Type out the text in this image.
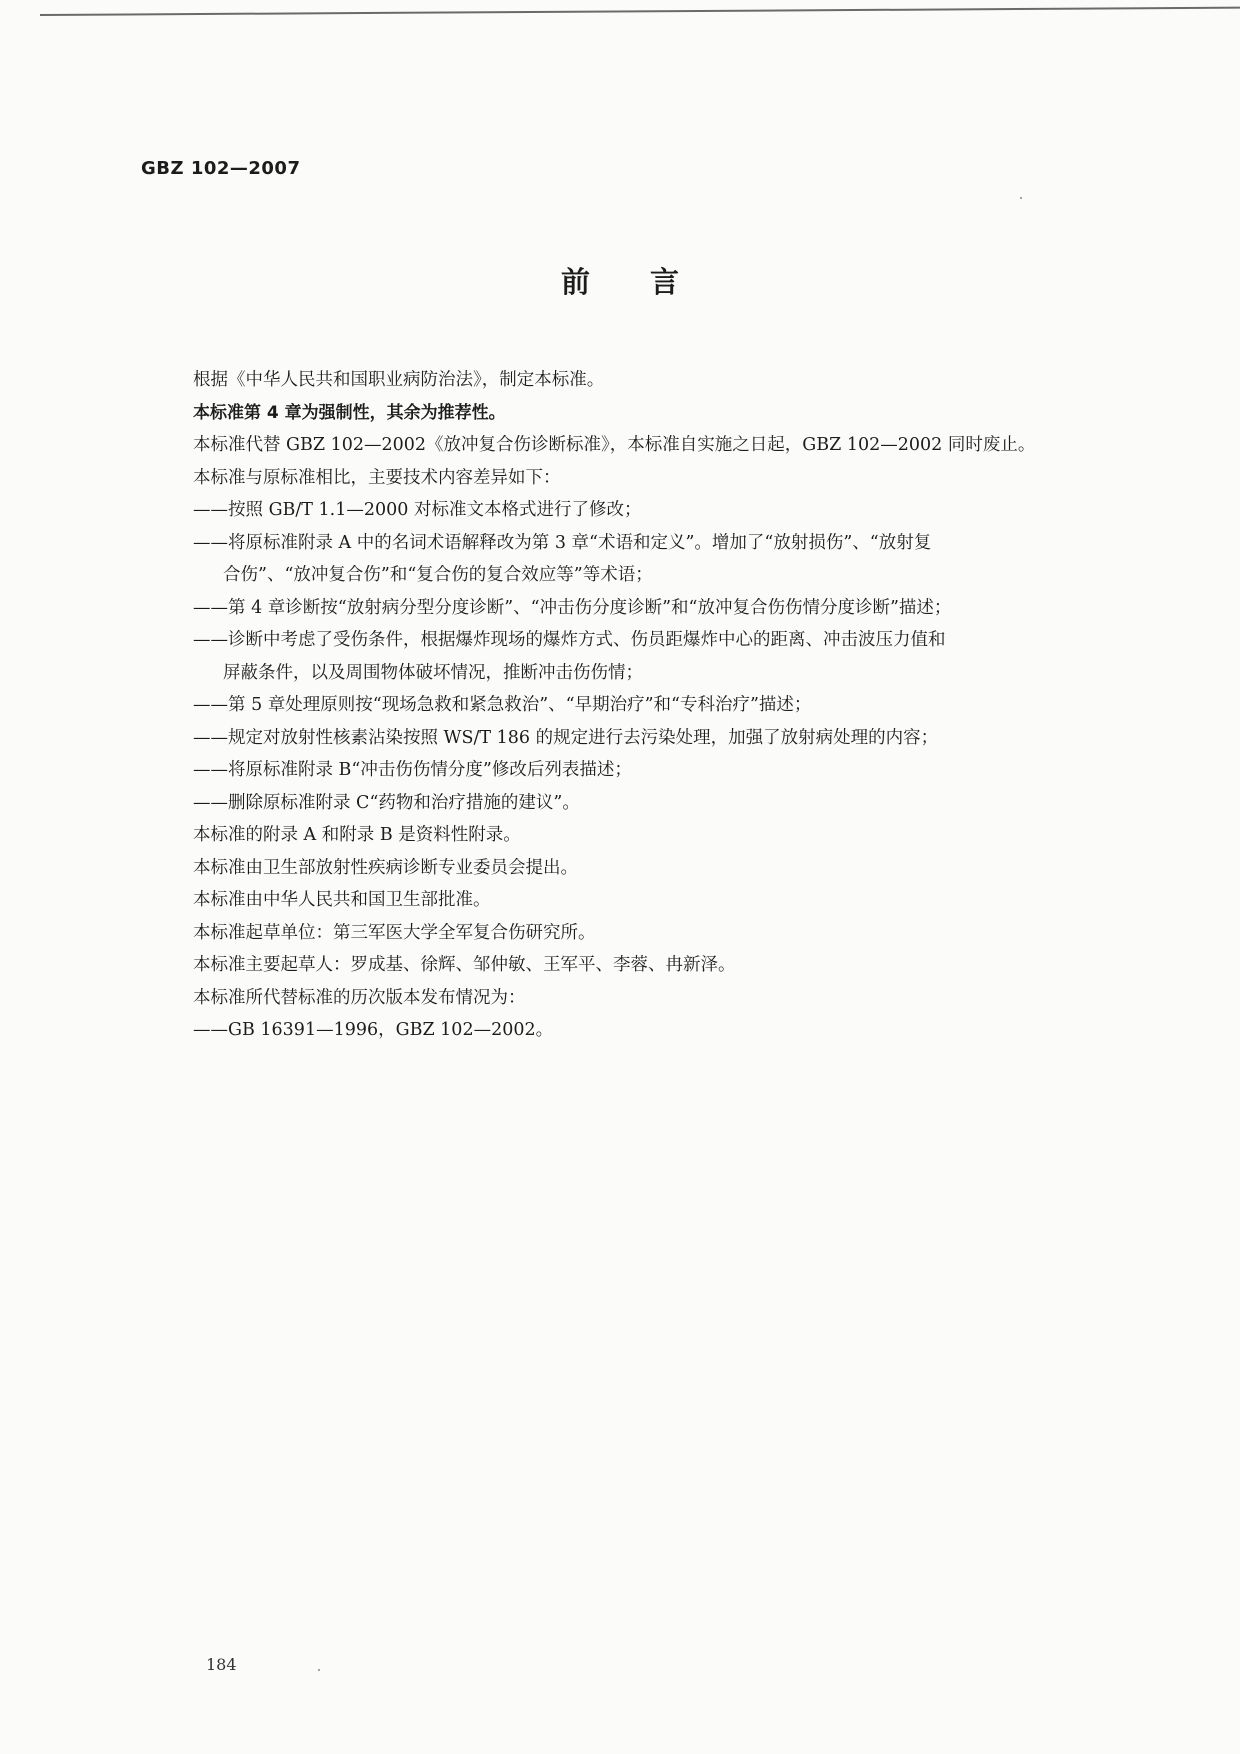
GBZ 102—2007
前言
根据《中华人民共和国职业病防治法》，制定本标准。
本标准第 4 章为强制性，其余为推荐性。
本标准代替 GBZ 102—2002《放冲复合伤诊断标准》，本标准自实施之日起，GBZ 102—2002 同时废止。
本标准与原标准相比，主要技术内容差异如下：
——按照 GB/T 1.1—2000 对标准文本格式进行了修改；
——将原标准附录 A 中的名词术语解释改为第 3 章“术语和定义”。增加了“放射损伤”、“放射复
合伤”、“放冲复合伤”和“复合伤的复合效应等”等术语；
——第 4 章诊断按“放射病分型分度诊断”、“冲击伤分度诊断”和“放冲复合伤伤情分度诊断”描述；
——诊断中考虑了受伤条件，根据爆炸现场的爆炸方式、伤员距爆炸中心的距离、冲击波压力值和
屏蔽条件，以及周围物体破坏情况，推断冲击伤伤情；
——第 5 章处理原则按“现场急救和紧急救治”、“早期治疗”和“专科治疗”描述；
——规定对放射性核素沾染按照 WS/T 186 的规定进行去污染处理，加强了放射病处理的内容；
——将原标准附录 B“冲击伤伤情分度”修改后列表描述；
——删除原标准附录 C“药物和治疗措施的建议”。
本标准的附录 A 和附录 B 是资料性附录。
本标准由卫生部放射性疾病诊断专业委员会提出。
本标准由中华人民共和国卫生部批准。
本标准起草单位：第三军医大学全军复合伤研究所。
本标准主要起草人：罗成基、徐辉、邹仲敏、王军平、李蓉、冉新泽。
本标准所代替标准的历次版本发布情况为：
——GB 16391—1996，GBZ 102—2002。
184
